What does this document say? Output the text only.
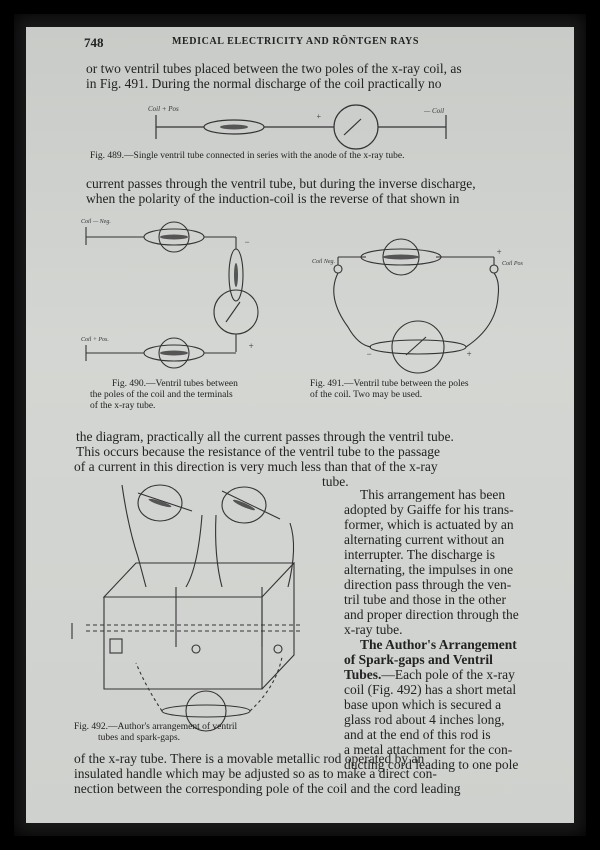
748	MEDICAL ELECTRICITY AND RÖNTGEN RAYS
or two ventril tubes placed between the two poles of the x-ray coil, as
in Fig. 491. During the normal discharge of the coil practically no
Coil + Pos	— Coil
+
Fig. 489.—Single ventril tube connected in series with the anode of the x-ray tube.
current passes through the ventril tube, but during the inverse discharge,
when the polarity of the induction-coil is the reverse of that shown in
Coil — Neg.
Coil + Pos.
−
+
Coil Neg.	Coil Pos
+
−	+
Fig. 490.—Ventril tubes between
the poles of the coil and the terminals
of the x-ray tube.
Fig. 491.—Ventril tube between the poles
of the coil. Two may be used.
the diagram, practically all the current passes through the ventril tube.
This occurs because the resistance of the ventril tube to the passage
of a current in this direction is very much less than that of the x-ray
tube.
This arrangement has been
adopted by Gaiffe for his trans-
former, which is actuated by an
alternating current without an
interrupter. The discharge is
alternating, the impulses in one
direction pass through the ven-
tril tube and those in the other
and proper direction through the
x-ray tube.
The Author's Arrangement
of Spark-gaps and Ventril
Tubes.—Each pole of the x-ray
coil (Fig. 492) has a short metal
base upon which is secured a
glass rod about 4 inches long,
and at the end of this rod is
a metal attachment for the con-
ducting cord leading to one pole
Fig. 492.—Author's arrangement of ventril
tubes and spark-gaps.
of the x-ray tube. There is a movable metallic rod operated by an
insulated handle which may be adjusted so as to make a direct con-
nection between the corresponding pole of the coil and the cord leading
